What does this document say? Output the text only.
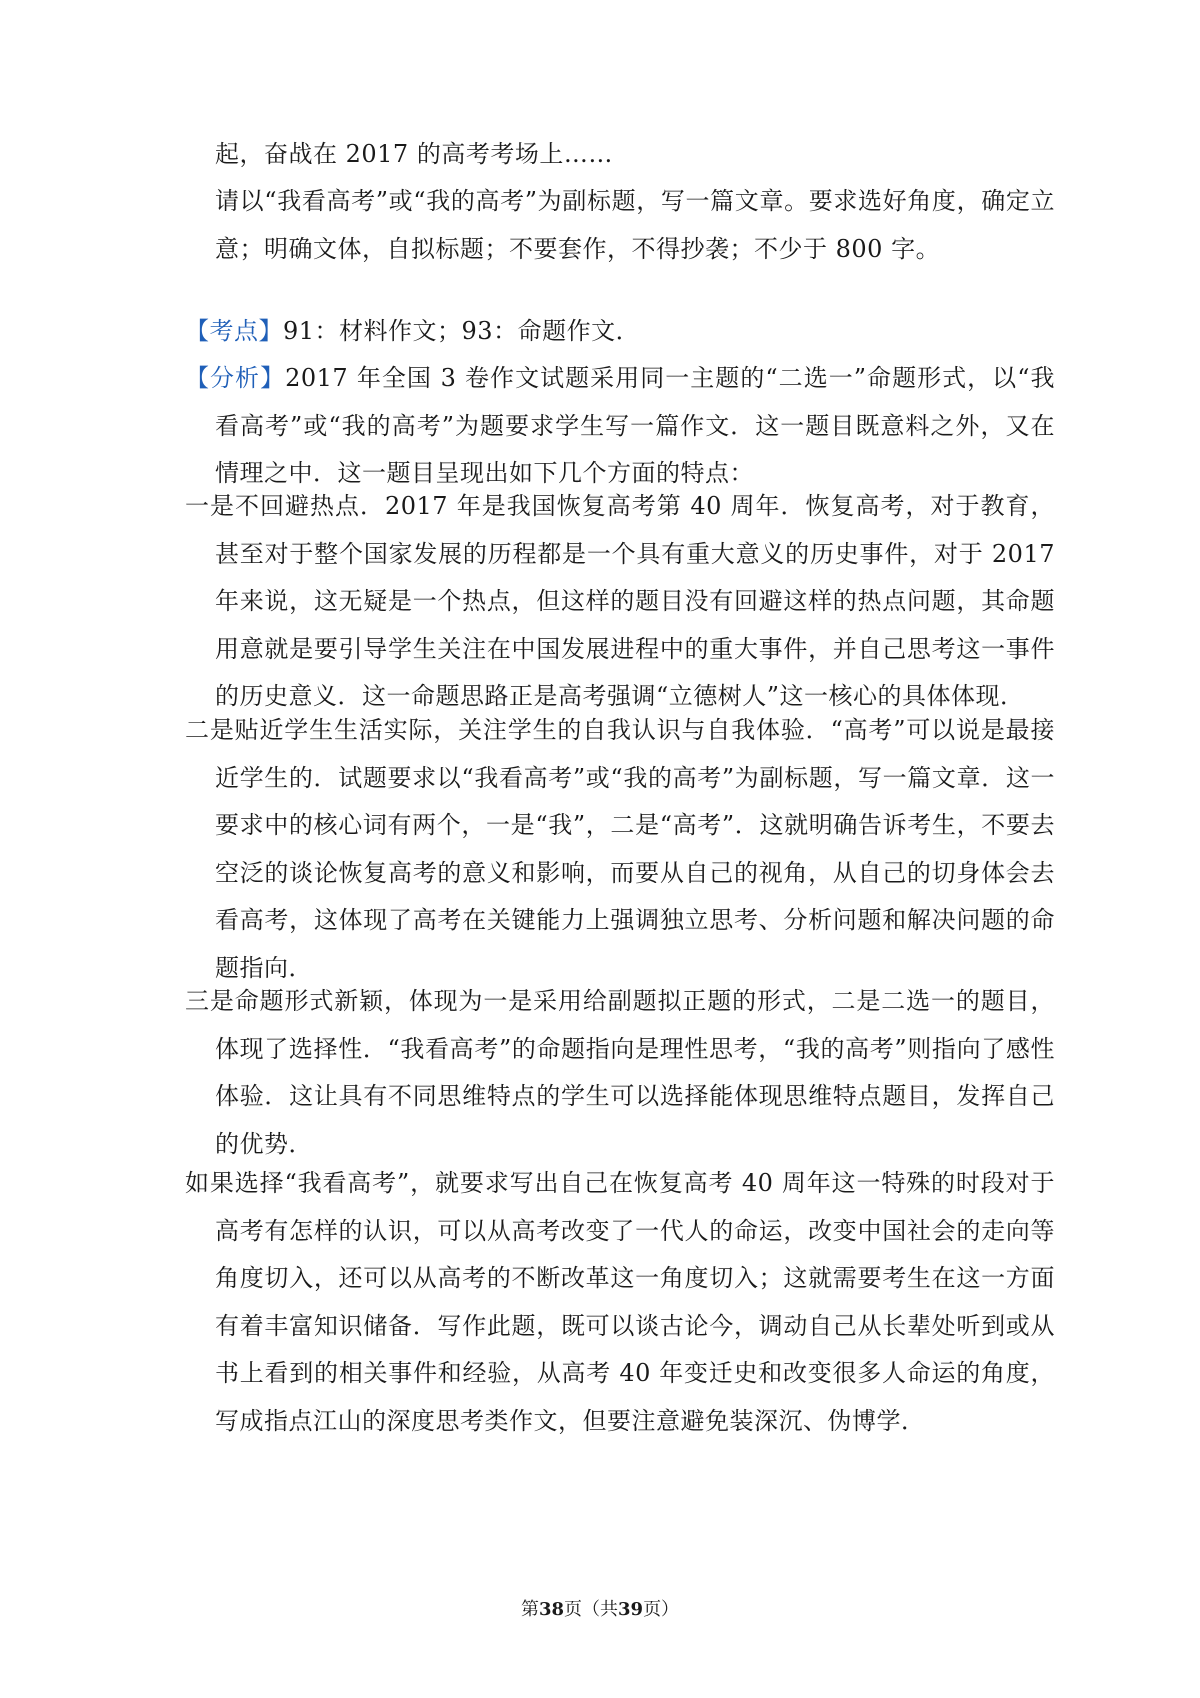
起，奋战在 2017 的高考考场上……

请以“我看高考”或“我的高考”为副标题，写一篇文章。要求选好角度，确定立意；明确文体，自拟标题；不要套作，不得抄袭；不少于 800 字。

【考点】91：材料作文；93：命题作文．

【分析】2017 年全国 3 卷作文试题采用同一主题的“二选一”命题形式，以“我看高考”或“我的高考”为题要求学生写一篇作文．这一题目既意料之外，又在情理之中．这一题目呈现出如下几个方面的特点：

一是不回避热点．2017 年是我国恢复高考第 40 周年．恢复高考，对于教育，甚至对于整个国家发展的历程都是一个具有重大意义的历史事件，对于 2017 年来说，这无疑是一个热点，但这样的题目没有回避这样的热点问题，其命题用意就是要引导学生关注在中国发展进程中的重大事件，并自己思考这一事件的历史意义．这一命题思路正是高考强调“立德树人”这一核心的具体体现．

二是贴近学生生活实际，关注学生的自我认识与自我体验．“高考”可以说是最接近学生的．试题要求以“我看高考”或“我的高考”为副标题，写一篇文章．这一要求中的核心词有两个，一是“我”，二是“高考”．这就明确告诉考生，不要去空泛的谈论恢复高考的意义和影响，而要从自己的视角，从自己的切身体会去看高考，这体现了高考在关键能力上强调独立思考、分析问题和解决问题的命题指向．

三是命题形式新颖，体现为一是采用给副题拟正题的形式，二是二选一的题目，体现了选择性．“我看高考”的命题指向是理性思考，“我的高考”则指向了感性体验．这让具有不同思维特点的学生可以选择能体现思维特点题目，发挥自己的优势．

如果选择“我看高考”，就要求写出自己在恢复高考 40 周年这一特殊的时段对于高考有怎样的认识，可以从高考改变了一代人的命运，改变中国社会的走向等角度切入，还可以从高考的不断改革这一角度切入；这就需要考生在这一方面有着丰富知识储备．写作此题，既可以谈古论今，调动自己从长辈处听到或从书上看到的相关事件和经验，从高考 40 年变迁史和改变很多人命运的角度，写成指点江山的深度思考类作文，但要注意避免装深沉、伪博学．

第38页（共39页）
